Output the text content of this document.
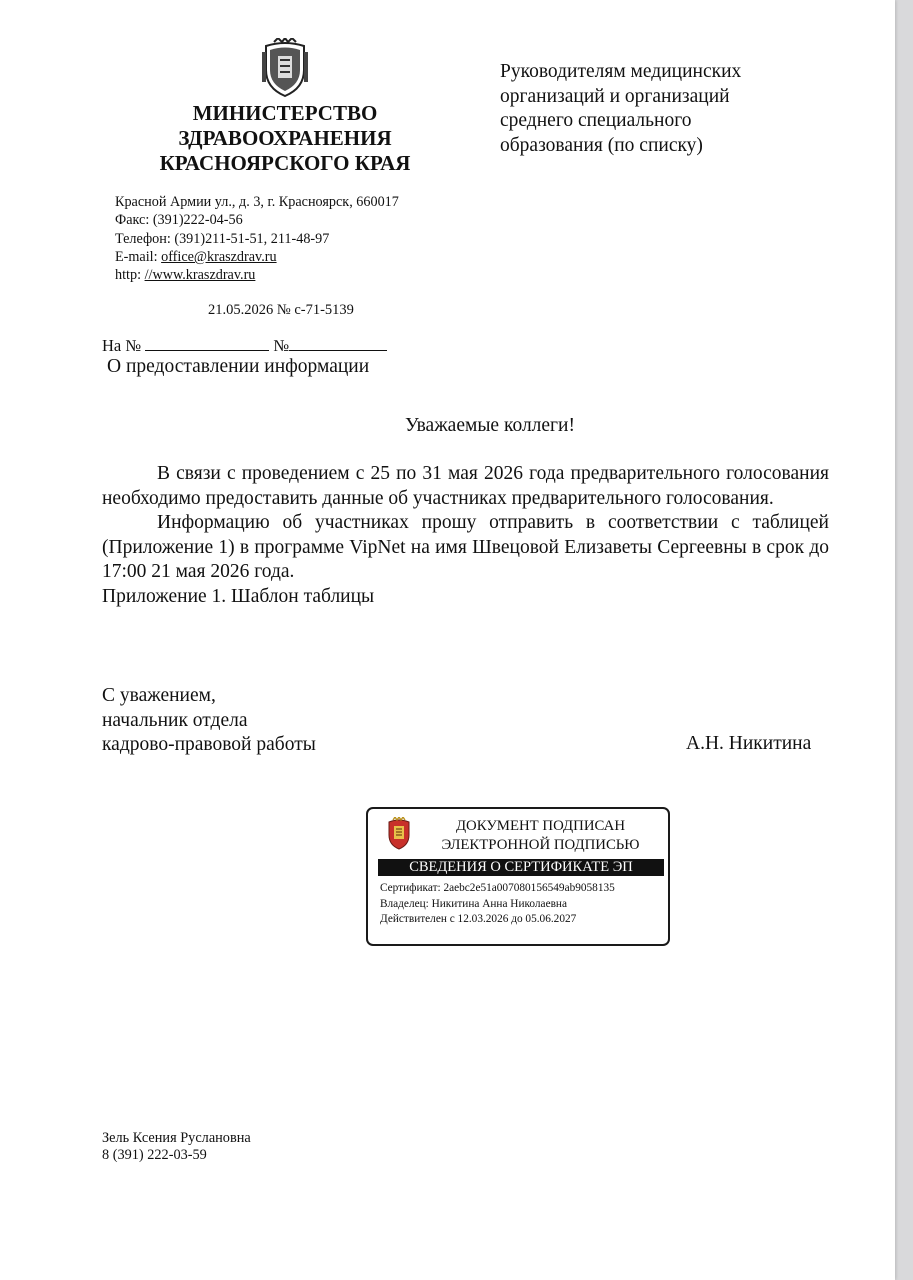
МИНИСТЕРСТВО
ЗДРАВООХРАНЕНИЯ
КРАСНОЯРСКОГО КРАЯ
Красной Армии ул., д. 3, г. Красноярск, 660017
Факс: (391)222-04-56
Телефон: (391)211-51-51, 211-48-97
E-mail: office@kraszdrav.ru
http: //www.kraszdrav.ru
21.05.2026 № с-71-5139
Руководителям медицинских
организаций и организаций
среднего специального
образования (по списку)
На №	№
О предоставлении информации
Уважаемые коллеги!

В связи с проведением с 25 по 31 мая 2026 года предварительного голосования необходимо предоставить данные об участниках предварительного голосования.

Информацию об участниках прошу отправить в соответствии с таблицей (Приложение 1) в программе VipNet на имя Швецовой Елизаветы Сергеевны в срок до 17:00 21 мая 2026 года.

Приложение 1. Шаблон таблицы

С уважением,
начальник отдела
кадрово-правовой работы	А.Н. Никитина
ДОКУМЕНТ ПОДПИСАН
ЭЛЕКТРОННОЙ ПОДПИСЬЮ
СВЕДЕНИЯ О СЕРТИФИКАТЕ ЭП
Сертификат: 2aebc2e51a007080156549ab9058135
Владелец: Никитина Анна Николаевна
Действителен с 12.03.2026 до 05.06.2027
Зель Ксения Руслановна
8 (391) 222-03-59
